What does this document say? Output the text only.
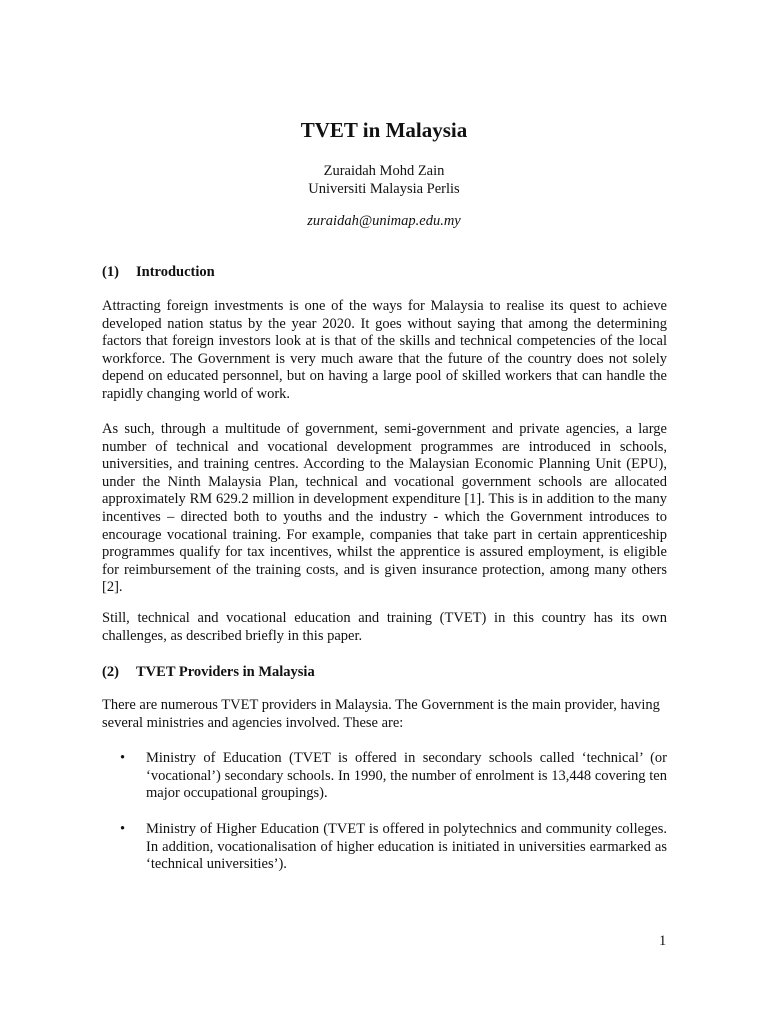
TVET in Malaysia
Zuraidah Mohd Zain
Universiti Malaysia Perlis
zuraidah@unimap.edu.my
(1) Introduction

Attracting foreign investments is one of the ways for Malaysia to realise its quest to achieve developed nation status by the year 2020. It goes without saying that among the determining factors that foreign investors look at is that of the skills and technical competencies of the local workforce. The Government is very much aware that the future of the country does not solely depend on educated personnel, but on having a large pool of skilled workers that can handle the rapidly changing world of work.

As such, through a multitude of government, semi-government and private agencies, a large number of technical and vocational development programmes are introduced in schools, universities, and training centres. According to the Malaysian Economic Planning Unit (EPU), under the Ninth Malaysia Plan, technical and vocational government schools are allocated approximately RM 629.2 million in development expenditure [1]. This is in addition to the many incentives – directed both to youths and the industry - which the Government introduces to encourage vocational training. For example, companies that take part in certain apprenticeship programmes qualify for tax incentives, whilst the apprentice is assured employment, is eligible for reimbursement of the training costs, and is given insurance protection, among many others [2].

Still, technical and vocational education and training (TVET) in this country has its own challenges, as described briefly in this paper.

(2) TVET Providers in Malaysia

There are numerous TVET providers in Malaysia. The Government is the main provider, having several ministries and agencies involved. These are:

• Ministry of Education (TVET is offered in secondary schools called ‘technical’ (or ‘vocational’) secondary schools. In 1990, the number of enrolment is 13,448 covering ten major occupational groupings).

• Ministry of Higher Education (TVET is offered in polytechnics and community colleges. In addition, vocationalisation of higher education is initiated in universities earmarked as ‘technical universities’).

1
